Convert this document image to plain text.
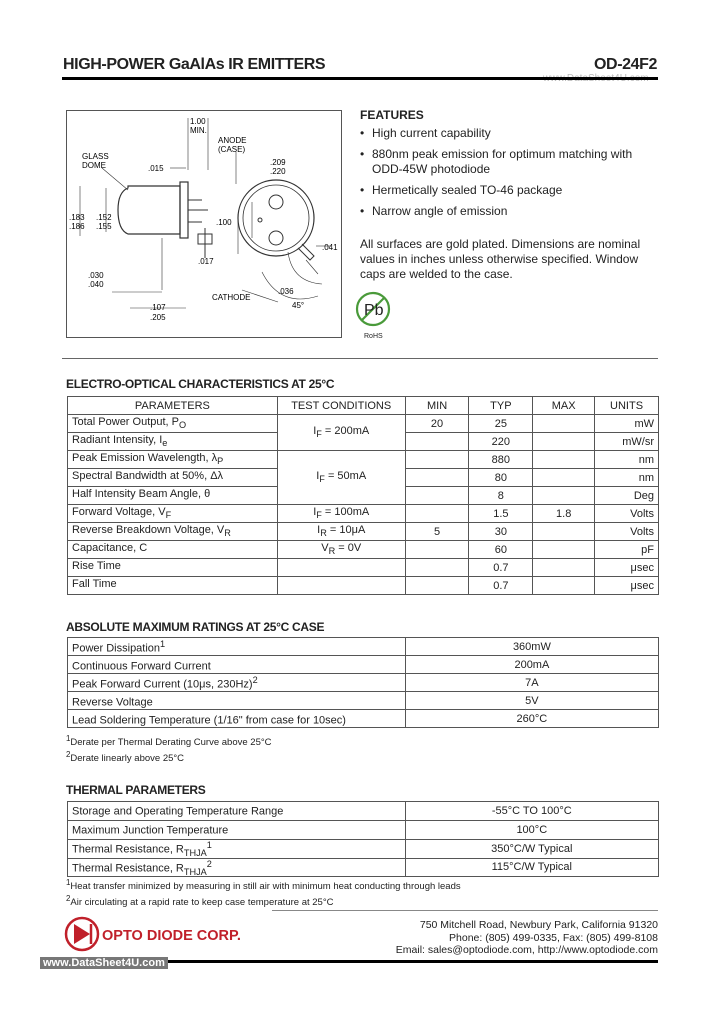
HIGH-POWER GaAlAs IR EMITTERS	OD-24F2
1.00
MIN.
ANODE
(CASE)
GLASS
DOME	.015
.209
.220
.183
.186
.152
.155	.100
.017
.041
.030
.040
.036
CATHODE
45°
.107
.205
FEATURES
• High current capability
• 880nm peak emission for optimum matching with ODD-45W photodiode
• Hermetically sealed TO-46 package
• Narrow angle of emission
All surfaces are gold plated. Dimensions are nominal values in inches unless otherwise specified. Window caps are welded to the case.
Pb
RoHS
ELECTRO-OPTICAL CHARACTERISTICS AT 25°C
PARAMETERS	TEST CONDITIONS	MIN	TYP	MAX	UNITS
Total Power Output, $P_O$	$I_F = 200mA$	20	25		mW
Radiant Intensity, $I_e$			220		mW/sr
Peak Emission Wavelength, $\lambda_P$	$I_F = 50mA$		880		nm
Spectral Bandwidth at 50%, Δλ			80		nm
Half Intensity Beam Angle, θ			8		Deg
Forward Voltage, $V_F$	$I_F = 100mA$		1.5	1.8	Volts
Reverse Breakdown Voltage, $V_R$	$I_R = 10\mu A$	5	30		Volts
Capacitance, C	$V_R = 0V$		60		pF
Rise Time			0.7		μsec
Fall Time			0.7		μsec
ABSOLUTE MAXIMUM RATINGS AT 25°C CASE
Power Dissipation$^1$	360mW
Continuous Forward Current	200mA
Peak Forward Current (10μs, 230Hz)$^2$	7A
Reverse Voltage	5V
Lead Soldering Temperature (1/16" from case for 10sec)	260°C
$^1$Derate per Thermal Derating Curve above 25°C
$^2$Derate linearly above 25°C
THERMAL PARAMETERS
Storage and Operating Temperature Range	-55°C TO 100°C
Maximum Junction Temperature	100°C
Thermal Resistance, $R_{THJA}^1$	350°C/W Typical
Thermal Resistance, $R_{THJA}^2$	115°C/W Typical
$^1$Heat transfer minimized by measuring in still air with minimum heat conducting through leads
$^2$Air circulating at a rapid rate to keep case temperature at 25°C
OPTO DIODE CORP.
750 Mitchell Road, Newbury Park, California 91320
Phone: (805) 499-0335, Fax: (805) 499-8108
Email: sales@optodiode.com, http://www.optodiode.com
www.DataSheet4U.com
